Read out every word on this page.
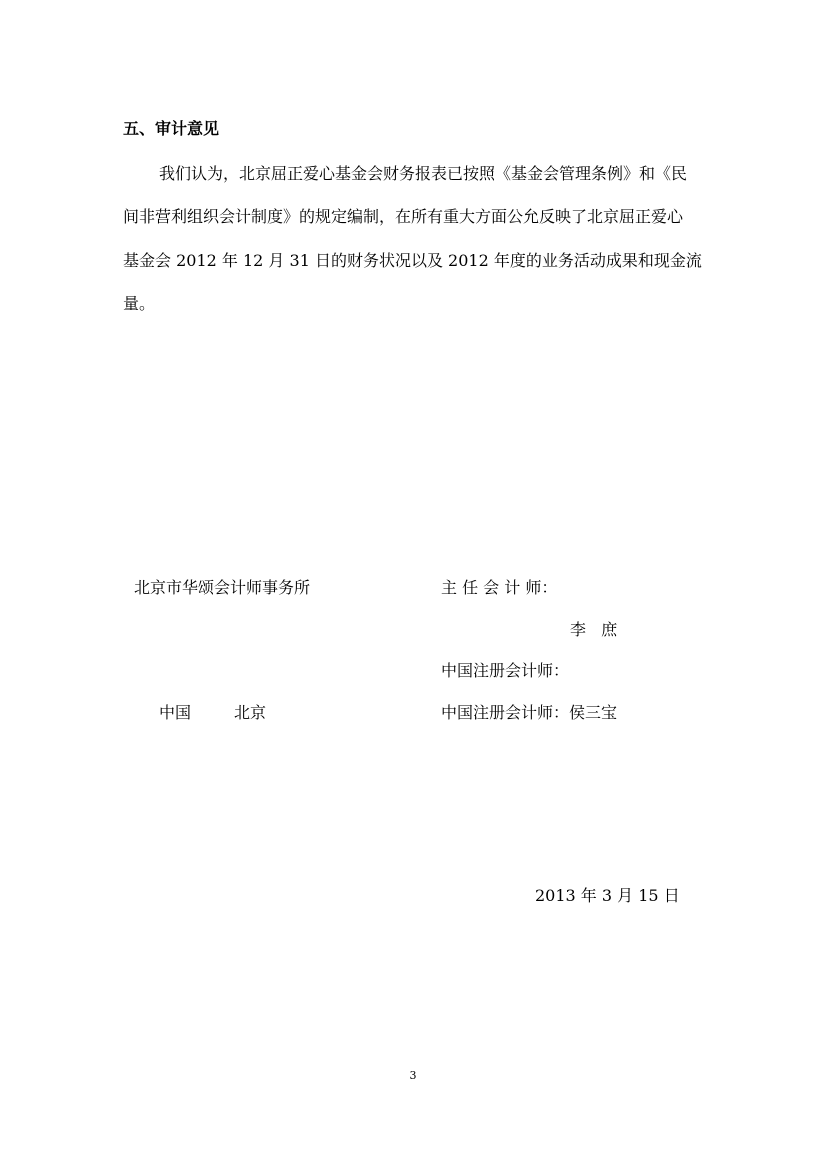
五、审计意见
我们认为，北京屈正爱心基金会财务报表已按照《基金会管理条例》和《民
间非营利组织会计制度》的规定编制，在所有重大方面公允反映了北京屈正爱心
基金会 2012 年 12 月 31 日的财务状况以及 2012 年度的业务活动成果和现金流
量。
北京市华颂会计师事务所	主 任 会 计 师：
李   庶
中国注册会计师：
中国	北京	中国注册会计师：侯三宝
2013 年 3 月 15 日
3
